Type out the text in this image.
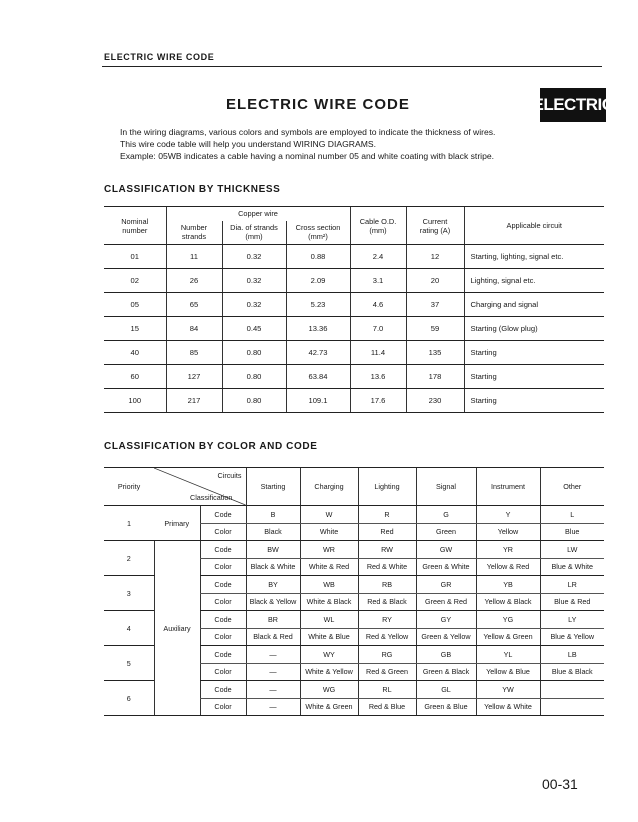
ELECTRIC WIRE CODE
ELECTRIC WIRE CODE	ELECTRIC
In the wiring diagrams, various colors and symbols are employed to indicate the thickness of wires.
This wire code table will help you understand WIRING DIAGRAMS.
Example: 05WB indicates a cable having a nominal number 05 and white coating with black stripe.
CLASSIFICATION BY THICKNESS
Nominal number	Copper wire			Cable O.D. (mm)	Current rating (A)	Applicable circuit
	Number strands	Dia. of strands (mm)	Cross section (mm²)			
01	11	0.32	0.88	2.4	12	Starting, lighting, signal etc.
02	26	0.32	2.09	3.1	20	Lighting, signal etc.
05	65	0.32	5.23	4.6	37	Charging and signal
15	84	0.45	13.36	7.0	59	Starting (Glow plug)
40	85	0.80	42.73	11.4	135	Starting
60	127	0.80	63.84	13.6	178	Starting
100	217	0.80	109.1	17.6	230	Starting
CLASSIFICATION BY COLOR AND CODE
Priority	Circuits
Classification		Starting	Charging	Lighting	Signal	Instrument	Other
1	Primary	Code	B	W	R	G	Y	L
		Color	Black	White	Red	Green	Yellow	Blue
2	Auxiliary	Code	BW	WR	RW	GW	YR	LW
		Color	Black & White	White & Red	Red & White	Green & White	Yellow & Red	Blue & White
3		Code	BY	WB	RB	GR	YB	LR
		Color	Black & Yellow	White & Black	Red & Black	Green & Red	Yellow & Black	Blue & Red
4		Code	BR	WL	RY	GY	YG	LY
		Color	Black & Red	White & Blue	Red & Yellow	Green & Yellow	Yellow & Green	Blue & Yellow
5		Code	—	WY	RG	GB	YL	LB
		Color	—	White & Yellow	Red & Green	Green & Black	Yellow & Blue	Blue & Black
6		Code	—	WG	RL	GL	YW	
		Color	—	White & Green	Red & Blue	Green & Blue	Yellow & White	
00-31
